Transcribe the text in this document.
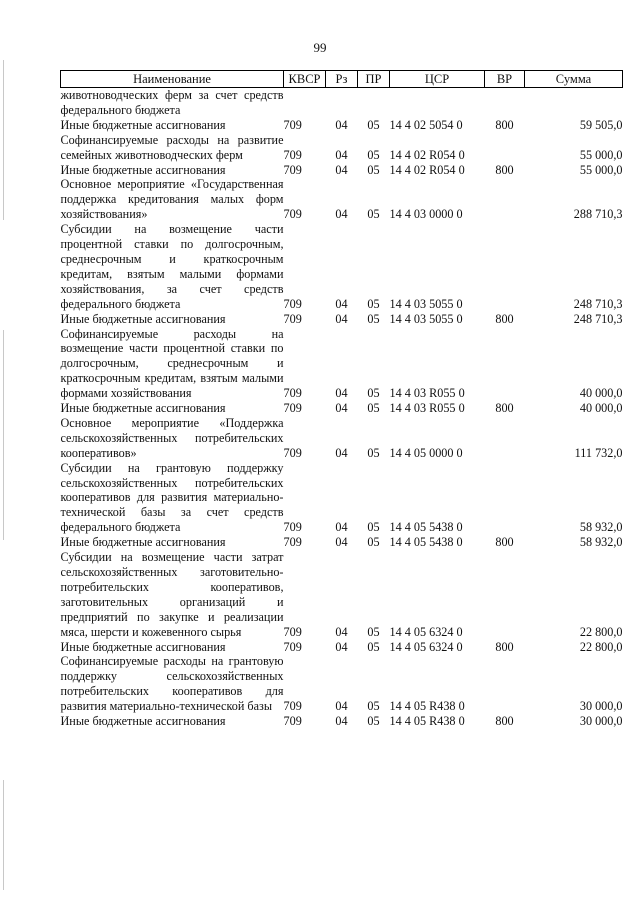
99
Наименование	КВСР	Рз	ПР	ЦСР	ВР	Сумма
животноводческих ферм за счет средств федерального бюджета						
Иные бюджетные ассигнования	709	04	05	14 4 02 5054 0	800	59 505,0
Софинансируемые расходы на развитие семейных животноводческих ферм	709	04	05	14 4 02 R054 0		55 000,0
Иные бюджетные ассигнования	709	04	05	14 4 02 R054 0	800	55 000,0
Основное мероприятие «Государственная поддержка кредитования малых форм хозяйствования»	709	04	05	14 4 03 0000 0		288 710,3
Субсидии на возмещение части процентной ставки по долгосрочным, среднесрочным и краткосрочным кредитам, взятым малыми формами хозяйствования, за счет средств федерального бюджета	709	04	05	14 4 03 5055 0		248 710,3
Иные бюджетные ассигнования	709	04	05	14 4 03 5055 0	800	248 710,3
Софинансируемые расходы на возмещение части процентной ставки по долгосрочным, среднесрочным и краткосрочным кредитам, взятым малыми формами хозяйствования	709	04	05	14 4 03 R055 0		40 000,0
Иные бюджетные ассигнования	709	04	05	14 4 03 R055 0	800	40 000,0
Основное мероприятие «Поддержка сельскохозяйственных потребительских кооперативов»	709	04	05	14 4 05 0000 0		111 732,0
Субсидии на грантовую поддержку сельскохозяйственных потребительских кооперативов для развития материально-технической базы за счет средств федерального бюджета	709	04	05	14 4 05 5438 0		58 932,0
Иные бюджетные ассигнования	709	04	05	14 4 05 5438 0	800	58 932,0
Субсидии на возмещение части затрат сельскохозяйственных заготовительно-потребительских кооперативов, заготовительных организаций и предприятий по закупке и реализации мяса, шерсти и кожевенного сырья	709	04	05	14 4 05 6324 0		22 800,0
Иные бюджетные ассигнования	709	04	05	14 4 05 6324 0	800	22 800,0
Софинансируемые расходы на грантовую поддержку сельскохозяйственных потребительских кооперативов для развития материально-технической базы	709	04	05	14 4 05 R438 0		30 000,0
Иные бюджетные ассигнования	709	04	05	14 4 05 R438 0	800	30 000,0
